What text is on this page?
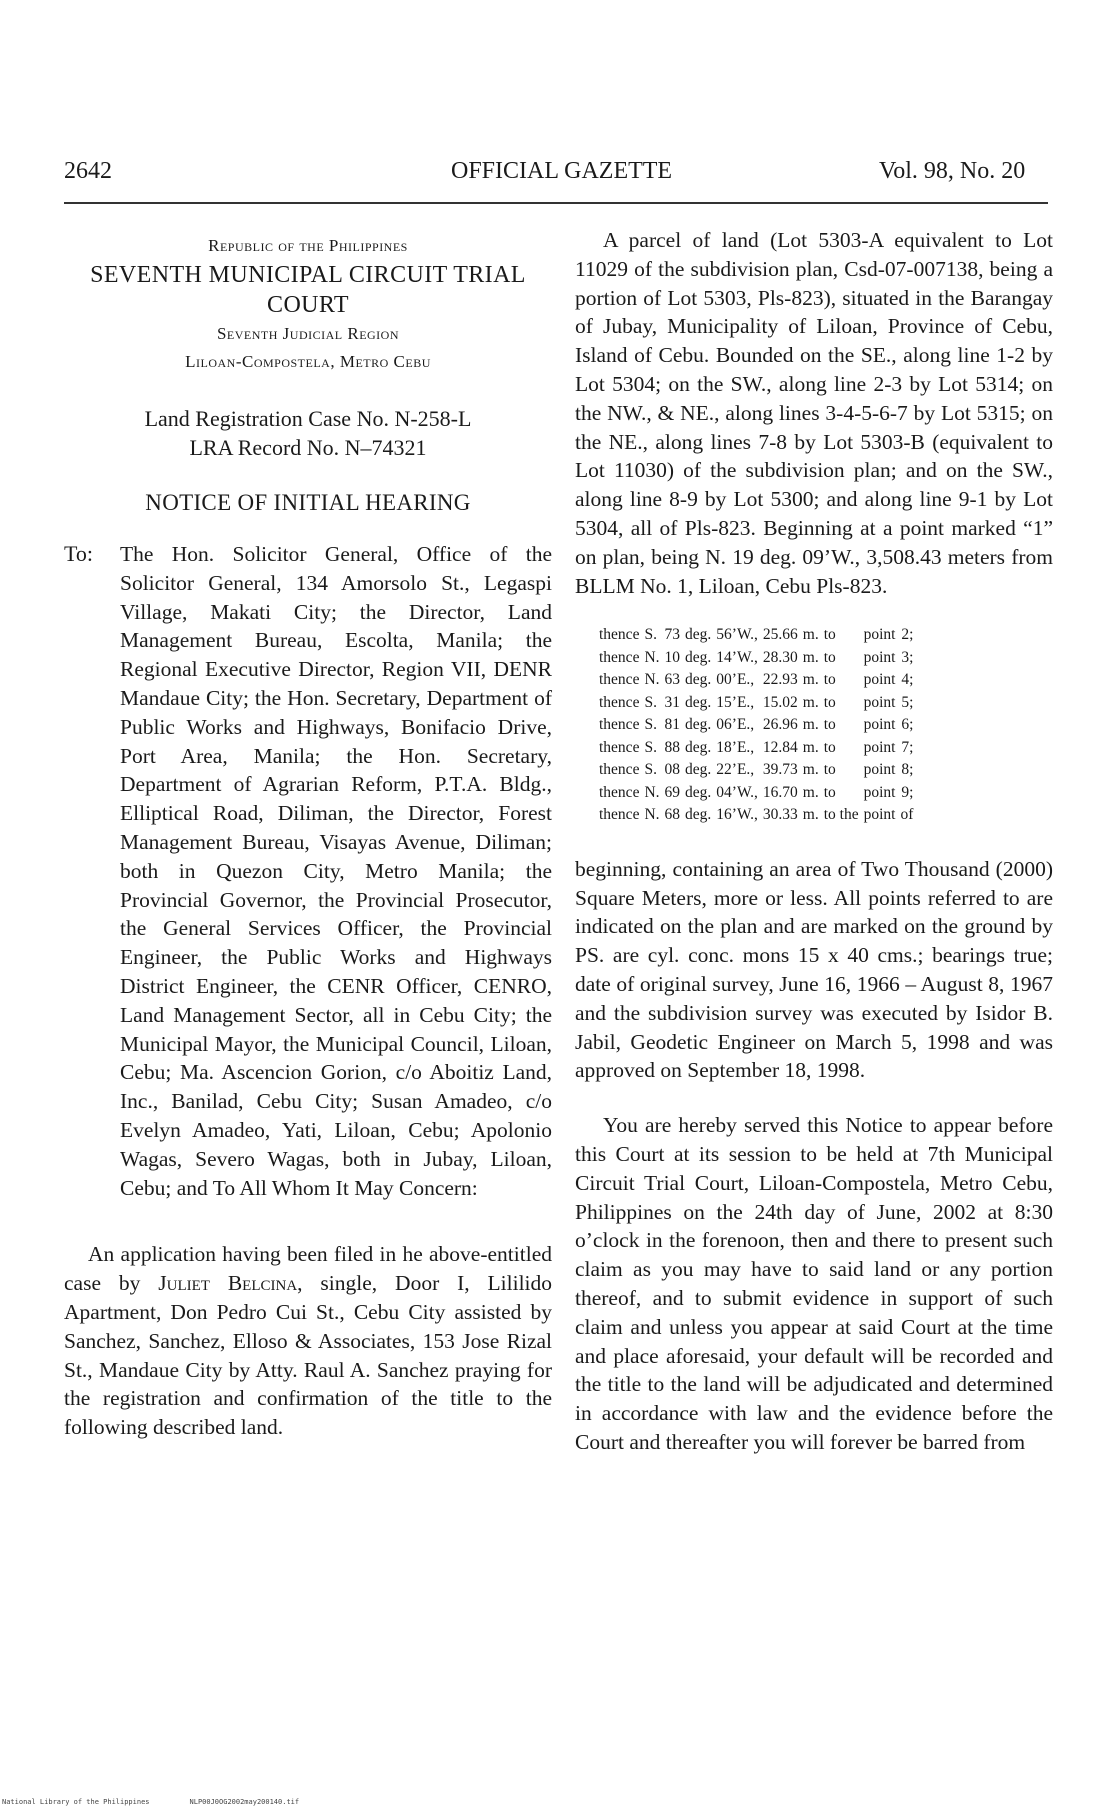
2642	OFFICIAL GAZETTE	Vol. 98, No. 20
Republic of the Philippines
SEVENTH MUNICIPAL CIRCUIT TRIAL
COURT
Seventh Judicial Region
Liloan-Compostela, Metro Cebu
Land Registration Case No. N-258-L
LRA Record No. N–74321
NOTICE OF INITIAL HEARING
To: The Hon. Solicitor General, Office of the Solicitor General, 134 Amorsolo St., Legaspi Village, Makati City; the Director, Land Management Bureau, Escolta, Manila; the Regional Executive Director, Region VII, DENR Mandaue City; the Hon. Secretary, Department of Public Works and Highways, Bonifacio Drive, Port Area, Manila; the Hon. Secretary, Department of Agrarian Reform, P.T.A. Bldg., Elliptical Road, Diliman, the Director, Forest Management Bureau, Visayas Avenue, Diliman; both in Quezon City, Metro Manila; the Provincial Governor, the Provincial Prosecutor, the General Services Officer, the Provincial Engineer, the Public Works and Highways District Engineer, the CENR Officer, CENRO, Land Management Sector, all in Cebu City; the Municipal Mayor, the Municipal Council, Liloan, Cebu; Ma. Ascencion Gorion, c/o Aboitiz Land, Inc., Banilad, Cebu City; Susan Amadeo, c/o Evelyn Amadeo, Yati, Liloan, Cebu; Apolonio Wagas, Severo Wagas, both in Jubay, Liloan, Cebu; and To All Whom It May Concern:
An application having been filed in he above-entitled case by Juliet Belcina, single, Door I, Lililido Apartment, Don Pedro Cui St., Cebu City assisted by Sanchez, Sanchez, Elloso & Associates, 153 Jose Rizal St., Mandaue City by Atty. Raul A. Sanchez praying for the registration and confirmation of the title to the following described land.
A parcel of land (Lot 5303-A equivalent to Lot 11029 of the subdivision plan, Csd-07-007138, being a portion of Lot 5303, Pls-823), situated in the Barangay of Jubay, Municipality of Liloan, Province of Cebu, Island of Cebu. Bounded on the SE., along line 1-2 by Lot 5304; on the SW., along line 2-3 by Lot 5314; on the NW., & NE., along lines 3-4-5-6-7 by Lot 5315; on the NE., along lines 7-8 by Lot 5303-B (equivalent to Lot 11030) of the subdivision plan; and on the SW., along line 8-9 by Lot 5300; and along line 9-1 by Lot 5304, all of Pls-823. Beginning at a point marked “1” on plan, being N. 19 deg. 09’W., 3,508.43 meters from BLLM No. 1, Liloan, Cebu Pls-823.
thence	S.	73	deg.	56’W.,	25.66	m.	to	point	2;
thence	N.	10	deg.	14’W.,	28.30	m.	to	point	3;
thence	N.	63	deg.	00’E.,	22.93	m.	to	point	4;
thence	S.	31	deg.	15’E.,	15.02	m.	to	point	5;
thence	S.	81	deg.	06’E.,	26.96	m.	to	point	6;
thence	S.	88	deg.	18’E.,	12.84	m.	to	point	7;
thence	S.	08	deg.	22’E.,	39.73	m.	to	point	8;
thence	N.	69	deg.	04’W.,	16.70	m.	to	point	9;
thence	N.	68	deg.	16’W.,	30.33	m.	to the	point	of
beginning, containing an area of Two Thousand (2000) Square Meters, more or less. All points referred to are indicated on the plan and are marked on the ground by PS. are cyl. conc. mons 15 x 40 cms.; bearings true; date of original survey, June 16, 1966 – August 8, 1967 and the subdivision survey was executed by Isidor B. Jabil, Geodetic Engineer on March 5, 1998 and was approved on September 18, 1998.
You are hereby served this Notice to appear before this Court at its session to be held at 7th Municipal Circuit Trial Court, Liloan-Compostela, Metro Cebu, Philippines on the 24th day of June, 2002 at 8:30 o’clock in the forenoon, then and there to present such claim as you may have to said land or any portion thereof, and to submit evidence in support of such claim and unless you appear at said Court at the time and place aforesaid, your default will be recorded and the title to the land will be adjudicated and determined in accordance with law and the evidence before the Court and thereafter you will forever be barred from
National Library of the Philippines	NLP00J0OG2002may200140.tif
